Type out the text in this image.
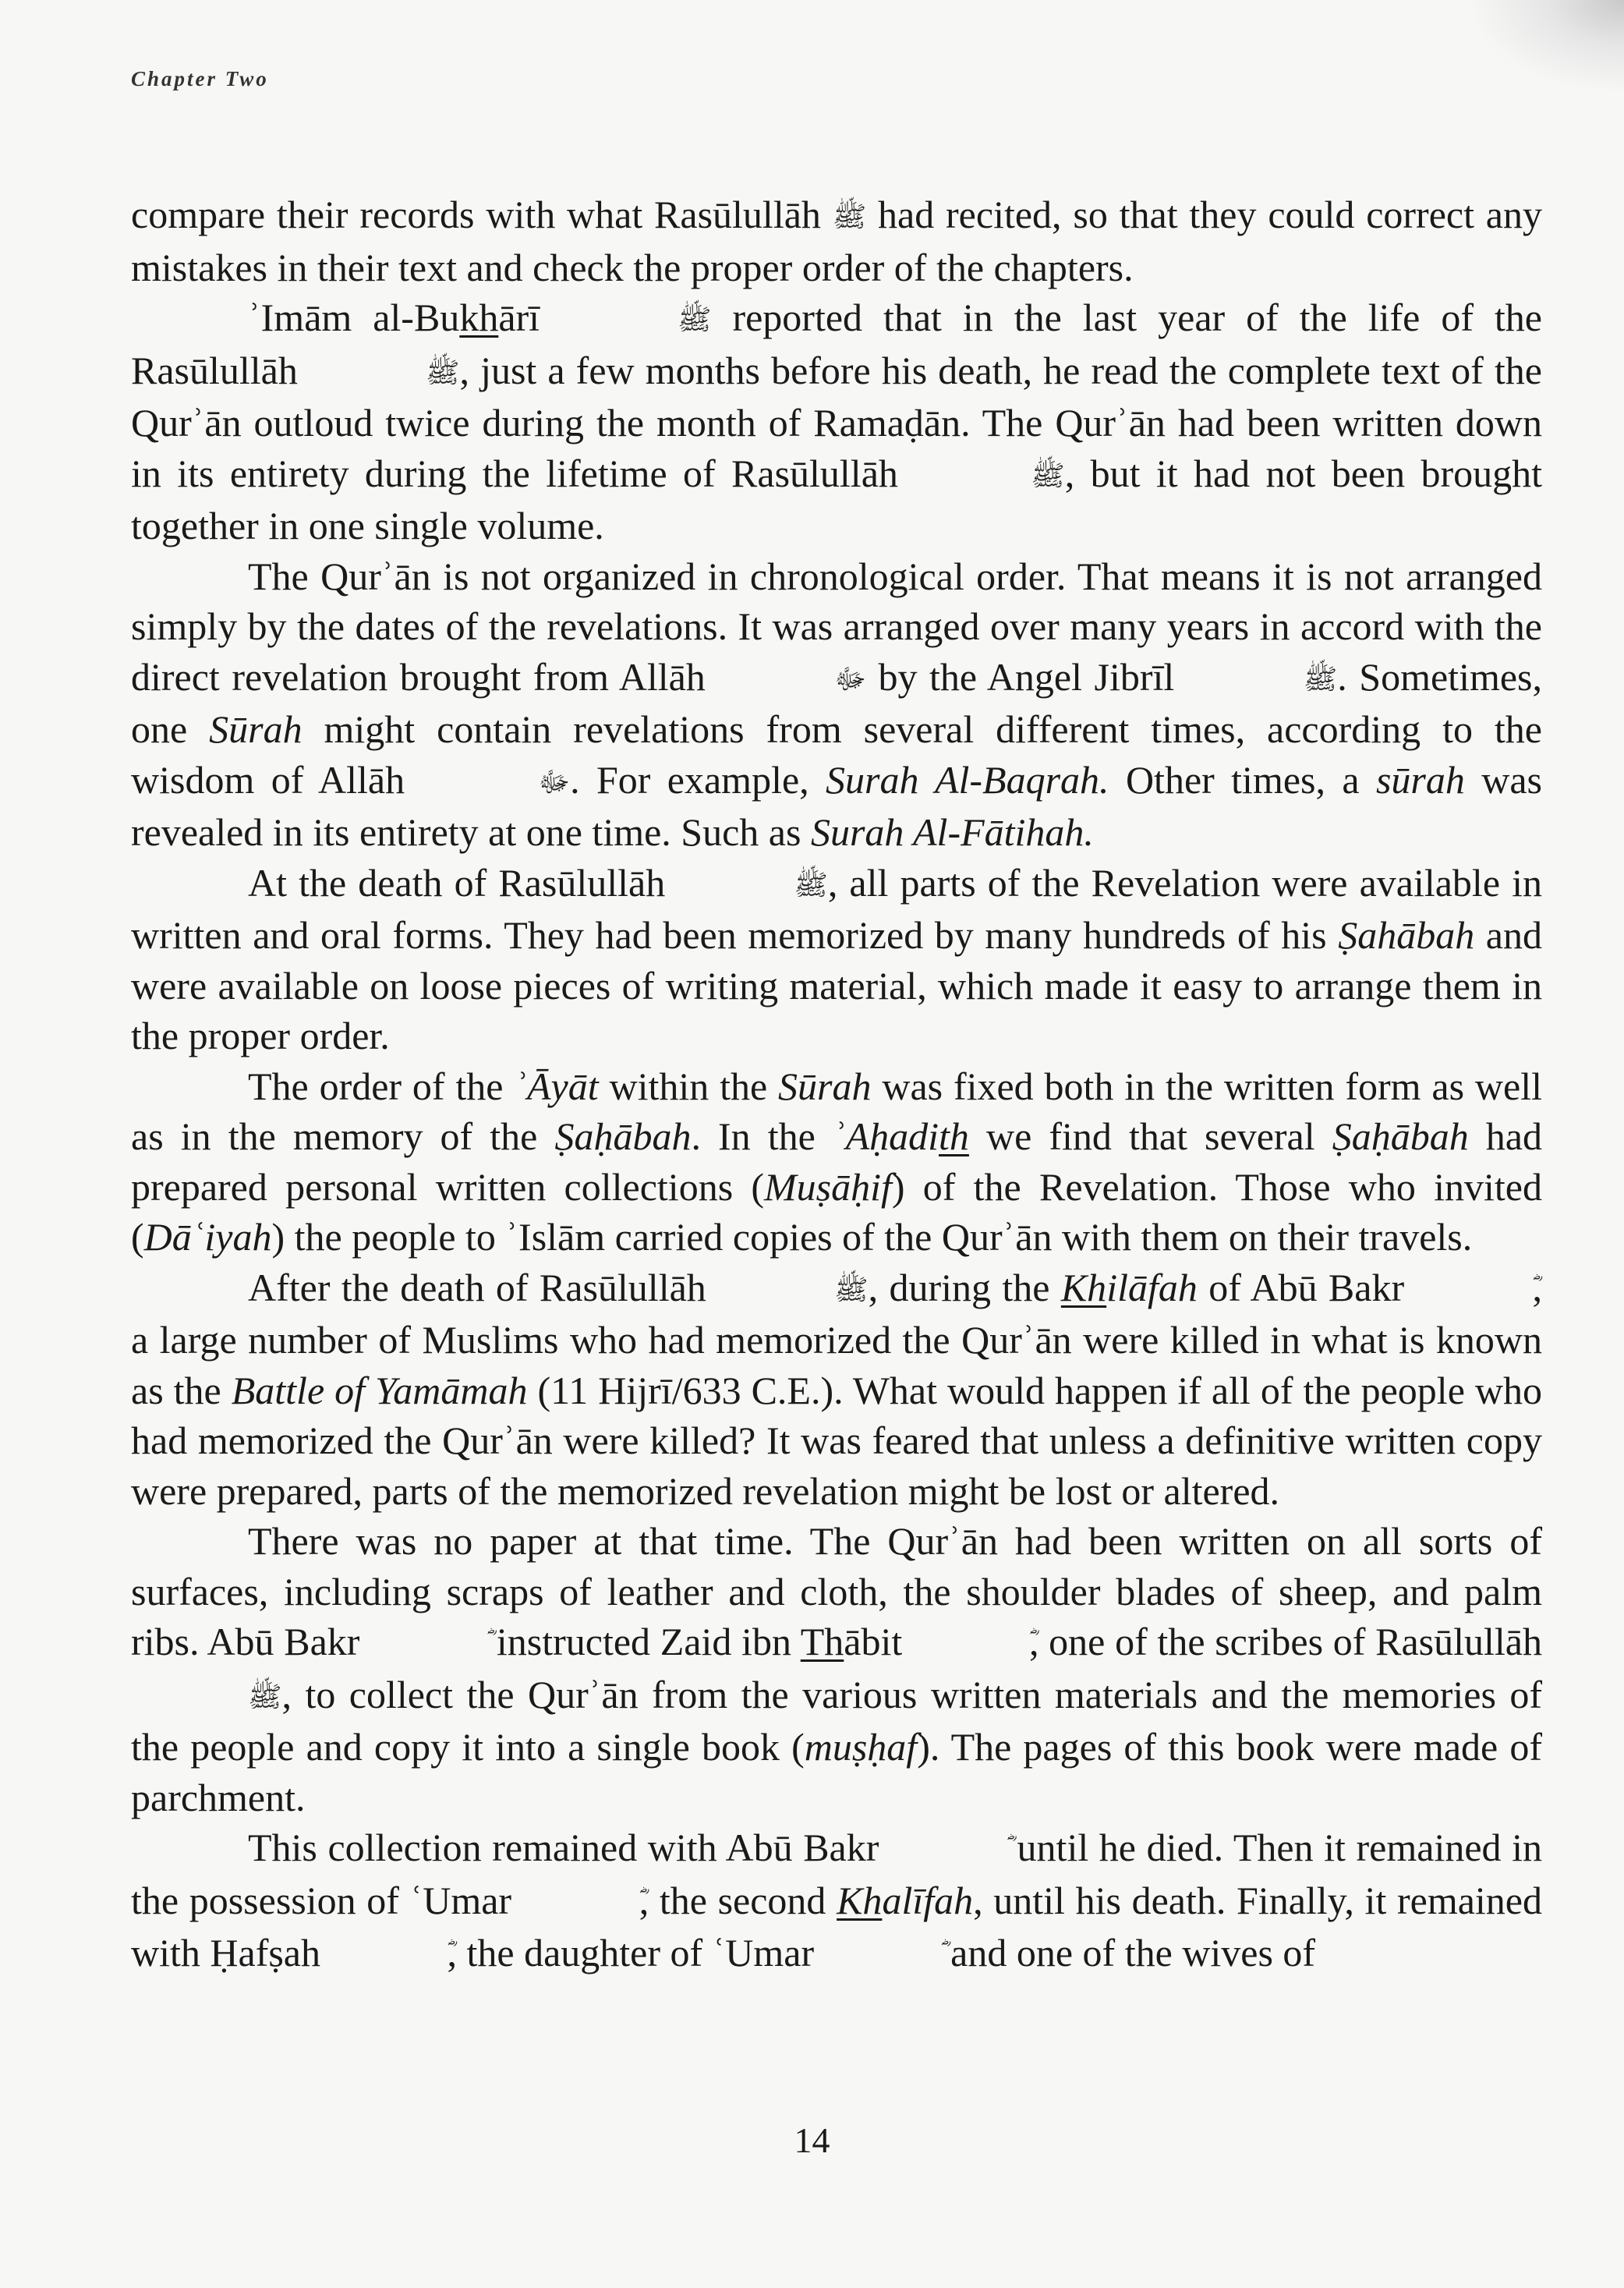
Chapter Two

compare their records with what Rasūlullāh ﷺ had recited, so that they could correct any mistakes in their text and check the proper order of the chapters.

ʾImām al-Bukhārī	ﷺ reported that in the last year of the life of the Rasūlullāh	ﷺ, just a few months before his death, he read the complete text of the Qurʾān outloud twice during the month of Ramaḍān. The Qurʾān had been written down in its entirety during the lifetime of Rasūlullāh	ﷺ, but it had not been brought together in one single volume.

The Qurʾān is not organized in chronological order. That means it is not arranged simply by the dates of the revelations. It was arranged over many years in accord with the direct revelation brought from Allāh	ﷻ by the Angel Jibrīl	ﷺ. Sometimes, one Sūrah might contain revelations from several different times, according to the wisdom of Allāh	ﷻ. For example, Surah Al-Baqrah. Other times, a sūrah was revealed in its entirety at one time. Such as Surah Al-Fātihah.

At the death of Rasūlullāh	ﷺ, all parts of the Revelation were available in written and oral forms. They had been memorized by many hundreds of his Ṣahābah and were available on loose pieces of writing material, which made it easy to arrange them in the proper order.

The order of the ʾĀyāt within the Sūrah was fixed both in the written form as well as in the memory of the Ṣaḥābah. In the ʾAḥadith we find that several Ṣaḥābah had prepared personal written collections (Muṣāḥif) of the Revelation. Those who invited (Dāʿiyah) the people to ʾIslām carried copies of the Qurʾān with them on their travels.

After the death of Rasūlullāh	ﷺ, during the Khilāfah of Abū Bakr	, a large number of Muslims who had memorized the Qurʾān were killed in what is known as the Battle of Yamāmah (11 Hijrī/633 C.E.). What would happen if all of the people who had memorized the Qurʾān were killed? It was feared that unless a definitive written copy were prepared, parts of the memorized revelation might be lost or altered.

There was no paper at that time. The Qurʾān had been written on all sorts of surfaces, including scraps of leather and cloth, the shoulder blades of sheep, and palm ribs. Abū Bakr	instructed Zaid ibn Thābit	, one of the scribes of Rasūlullāh ﷺ, to collect the Qurʾān from the various written materials and the memories of the people and copy it into a single book (muṣḥaf). The pages of this book were made of parchment.

This collection remained with Abū Bakr	until he died. Then it remained in the possession of ʿUmar	, the second Khalīfah, until his death. Finally, it remained with Ḥafṣah	, the daughter of ʿUmar	and one of the wives of

14
